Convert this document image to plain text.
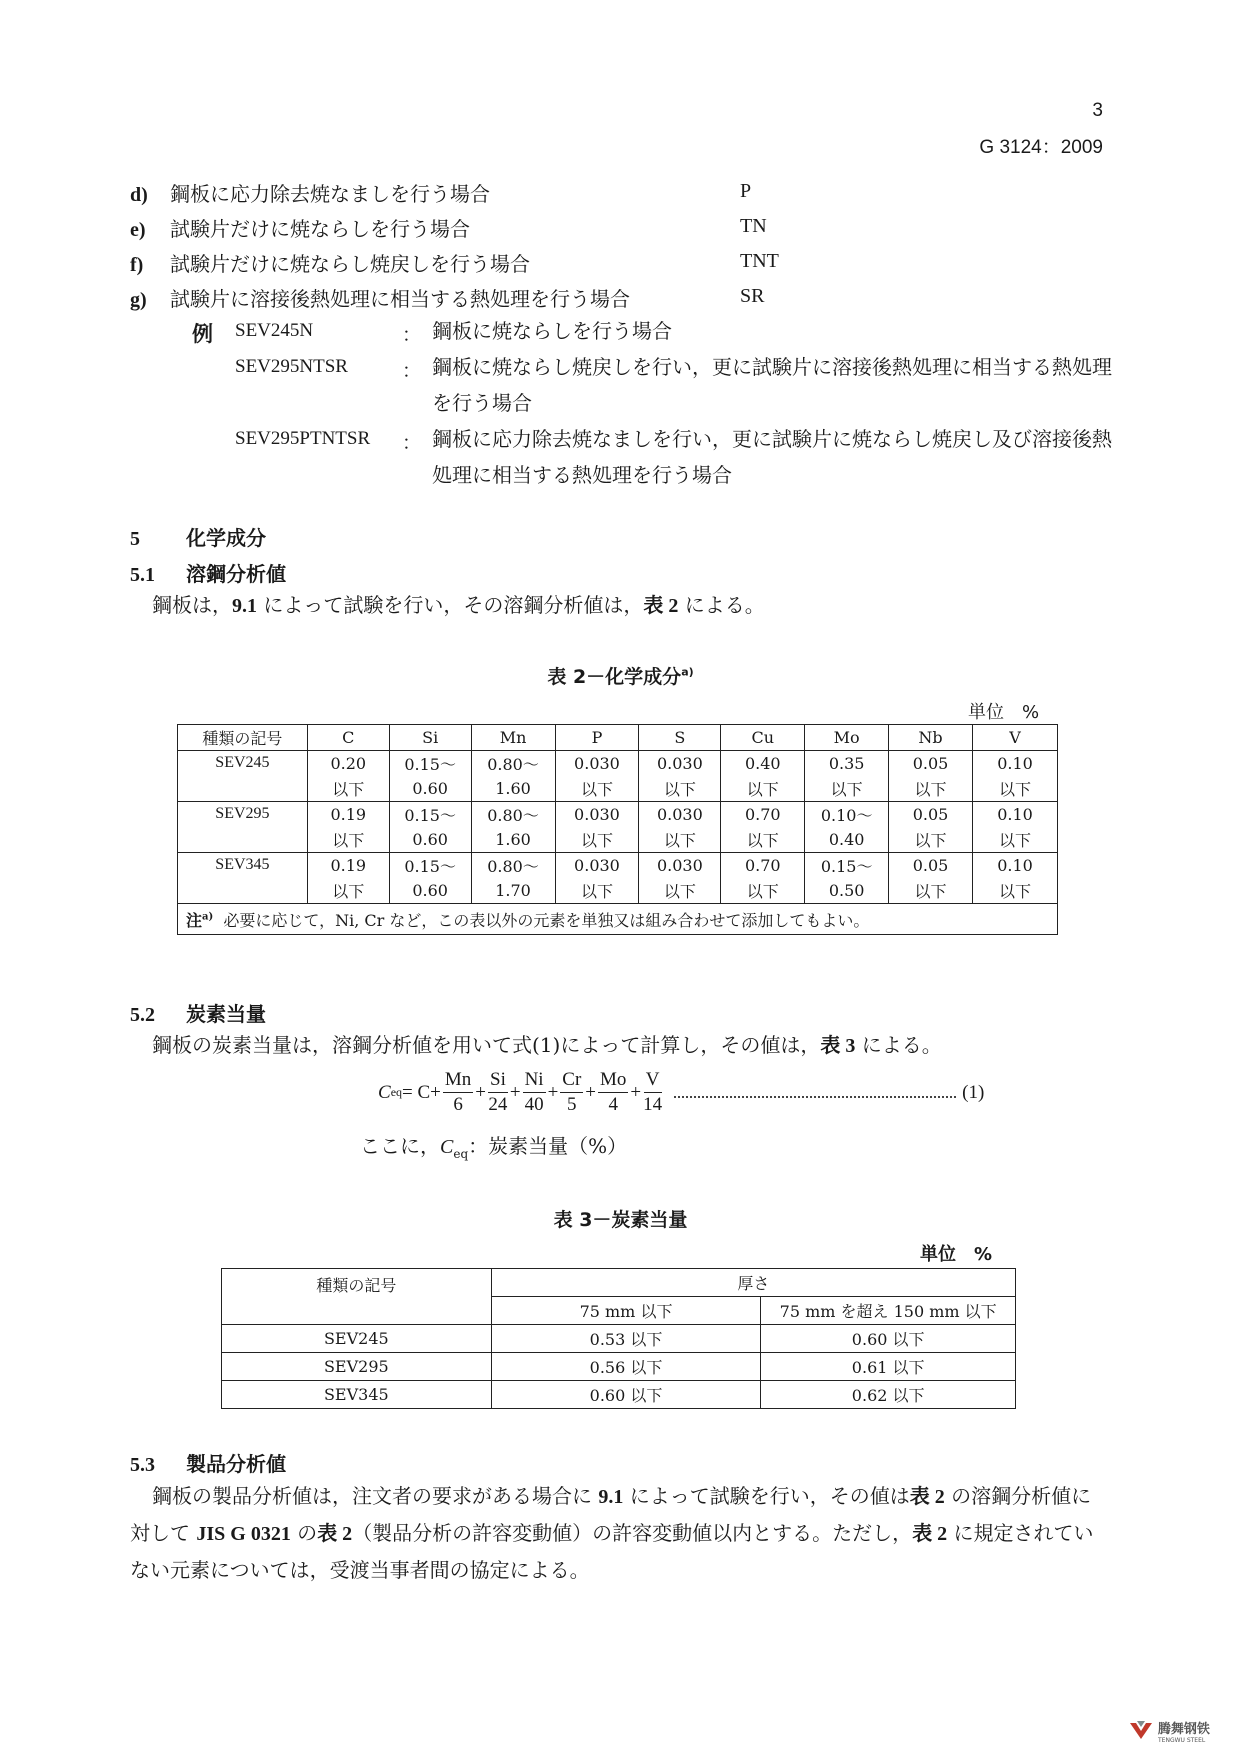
3
G 3124：2009
d) 鋼板に応力除去焼なましを行う場合	P
e) 試験片だけに焼ならしを行う場合	TN
f) 試験片だけに焼ならし焼戻しを行う場合	TNT
g) 試験片に溶接後熱処理に相当する熱処理を行う場合	SR
例 SEV245N	： 鋼板に焼ならしを行う場合
SEV295NTSR	： 鋼板に焼ならし焼戻しを行い，更に試験片に溶接後熱処理に相当する熱処理を行う場合
SEV295PTNTSR ： 鋼板に応力除去焼なましを行い，更に試験片に焼ならし焼戻し及び溶接後熱処理に相当する熱処理を行う場合
5 化学成分
5.1 溶鋼分析値
鋼板は，9.1 によって試験を行い，その溶鋼分析値は，表 2 による。
表 2－化学成分$^{a)}$
単位　%
種類の記号	C	Si	Mn	P	S	Cu	Mo	Nb	V
SEV245	0.20	0.15～	0.80～	0.030	0.030	0.40	0.35	0.05	0.10
	以下	0.60	1.60	以下	以下	以下	以下	以下	以下
SEV295	0.19	0.15～	0.80～	0.030	0.030	0.70	0.10～	0.05	0.10
	以下	0.60	1.60	以下	以下	以下	0.40	以下	以下
SEV345	0.19	0.15～	0.80～	0.030	0.030	0.70	0.15～	0.05	0.10
	以下	0.60	1.70	以下	以下	以下	0.50	以下	以下
注$^{a)}$ 必要に応じて，Ni, Cr など，この表以外の元素を単独又は組み合わせて添加してもよい。									
5.2 炭素当量
鋼板の炭素当量は，溶鋼分析値を用いて式(1)によって計算し，その値は，表 3 による。
C eq = $C + \frac{Mn}{6} + \frac{Si}{24} + \frac{Ni}{40} + \frac{Cr}{5} + \frac{Mo}{4} + \frac{V}{14}$	(1)
ここに，$C_{eq}$：炭素当量（%）
表 3－炭素当量
単位　%
種類の記号	厚さ	
	75 mm 以下	75 mm を超え 150 mm 以下
SEV245	0.53 以下	0.60 以下
SEV295	0.56 以下	0.61 以下
SEV345	0.60 以下	0.62 以下
5.3 製品分析値
鋼板の製品分析値は，注文者の要求がある場合に 9.1 によって試験を行い，その値は表 2 の溶鋼分析値に対して JIS G 0321 の表 2（製品分析の許容変動値）の許容変動値以内とする。ただし，表 2 に規定されていない元素については，受渡当事者間の協定による。
腾舞钢铁
TENGWU STEEL
